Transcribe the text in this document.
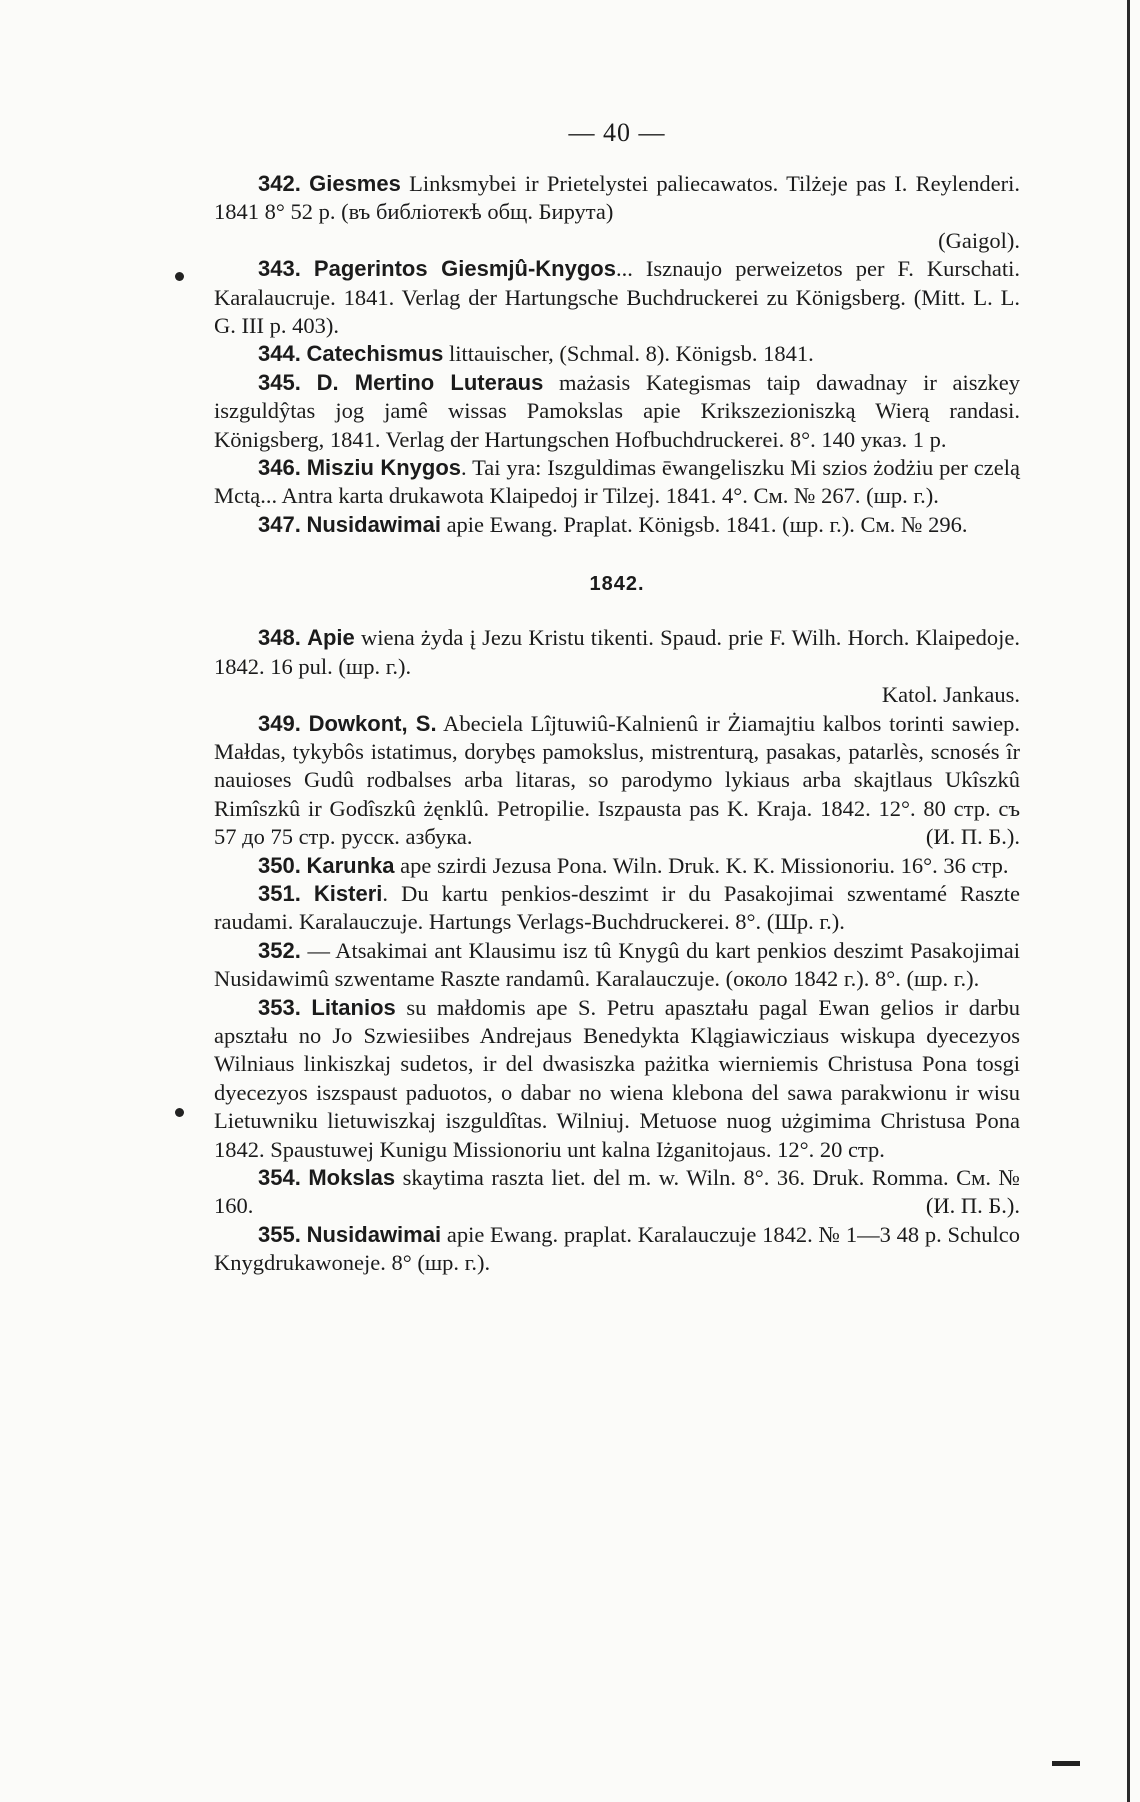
— 40 —

342. Giesmes Linksmybei ir Prietelystei paliecawatos. Tilżeje pas I. Reylenderi. 1841 8° 52 p. (въ библiотекѣ общ. Бирута)

(Gaigol).

343. Pagerintos Giesmjû-Knygos... Isznaujo perweizetos per F. Kurschati. Karalaucruje. 1841. Verlag der Hartungsche Buchdruckerei zu Königsberg. (Mitt. L. L. G. III p. 403).

344. Catechismus littauischer, (Schmal. 8). Königsb. 1841.

345. D. Mertino Luteraus mażasis Kategismas taip dawadnay ir aiszkey iszguldŷtas jog jamê wissas Pamokslas apie Krikszezioniszką Wierą randasi. Königsberg, 1841. Verlag der Hartungschen Hofbuchdruckerei. 8°. 140 указ. 1 p.

346. Misziu Knygos. Tai yra: Iszguldimas ēwangeliszku Mi szios żodżiu per czelą Mctą... Antra karta drukawota Klaipedoj ir Tilzej. 1841. 4°. См. № 267. (шр. г.).

347. Nusidawimai apie Ewang. Praplat. Königsb. 1841. (шр. г.). См. № 296.

1842.

348. Apie wiena żyda į Jezu Kristu tikenti. Spaud. prie F. Wilh. Horch. Klaipedoje. 1842. 16 pul. (шр. г.).

Katol. Jankaus.

349. Dowkont, S. Abeciela Lîjtuwiû-Kalnienû ir Żiamajtiu kalbos torinti sawiep. Małdas, tykybôs istatimus, dorybęs pamokslus, mistrenturą, pasakas, patarlès, scnosés îr nauioses Gudû rodbalses arba litaras, so parodymo lykiaus arba skajtlaus Ukîszkû Rimîszkû ir Godîszkû żęnklû. Petropilie. Iszpausta pas K. Kraja. 1842. 12°. 80 стр. съ 57 до 75 стр. русск. азбука.	(И. П. Б.).

350. Karunka ape szirdi Jezusa Pona. Wiln. Druk. K. K. Missionoriu. 16°. 36 стр.

351. Kisteri. Du kartu penkios-deszimt ir du Pasakojimai szwentamé Raszte raudami. Karalauczuje. Hartungs Verlags-Buchdruckerei. 8°. (Шр. г.).

352. — Atsakimai ant Klausimu isz tû Knygû du kart penkios deszimt Pasakojimai Nusidawimû szwentame Raszte randamû. Karalauczuje. (около 1842 г.). 8°. (шр. г.).

353. Litanios su małdomis ape S. Petru apaształu pagal Ewan gelios ir darbu apształu no Jo Szwiesiibes Andrejaus Benedykta Klągiawicziaus wiskupa dyecezyos Wilniaus linkiszkaj sudetos, ir del dwasiszka pażitka wierniemis Christusa Pona tosgi dyecezyos iszspaust paduotos, o dabar no wiena klebona del sawa parakwionu ir wisu Lietuwniku lietuwiszkaj iszguldîtas. Wilniuj. Metuose nuog użgimima Christusa Pona 1842. Spaustuwej Kunigu Missionoriu unt kalna Iżganitojaus. 12°. 20 стр.

354. Mokslas skaytima raszta liet. del m. w. Wiln. 8°. 36. Druk. Romma. См. № 160.	(И. П. Б.).

355. Nusidawimai apie Ewang. praplat. Karalauczuje 1842. № 1—3 48 p. Schulco Knygdrukawoneje. 8° (шр. г.).
